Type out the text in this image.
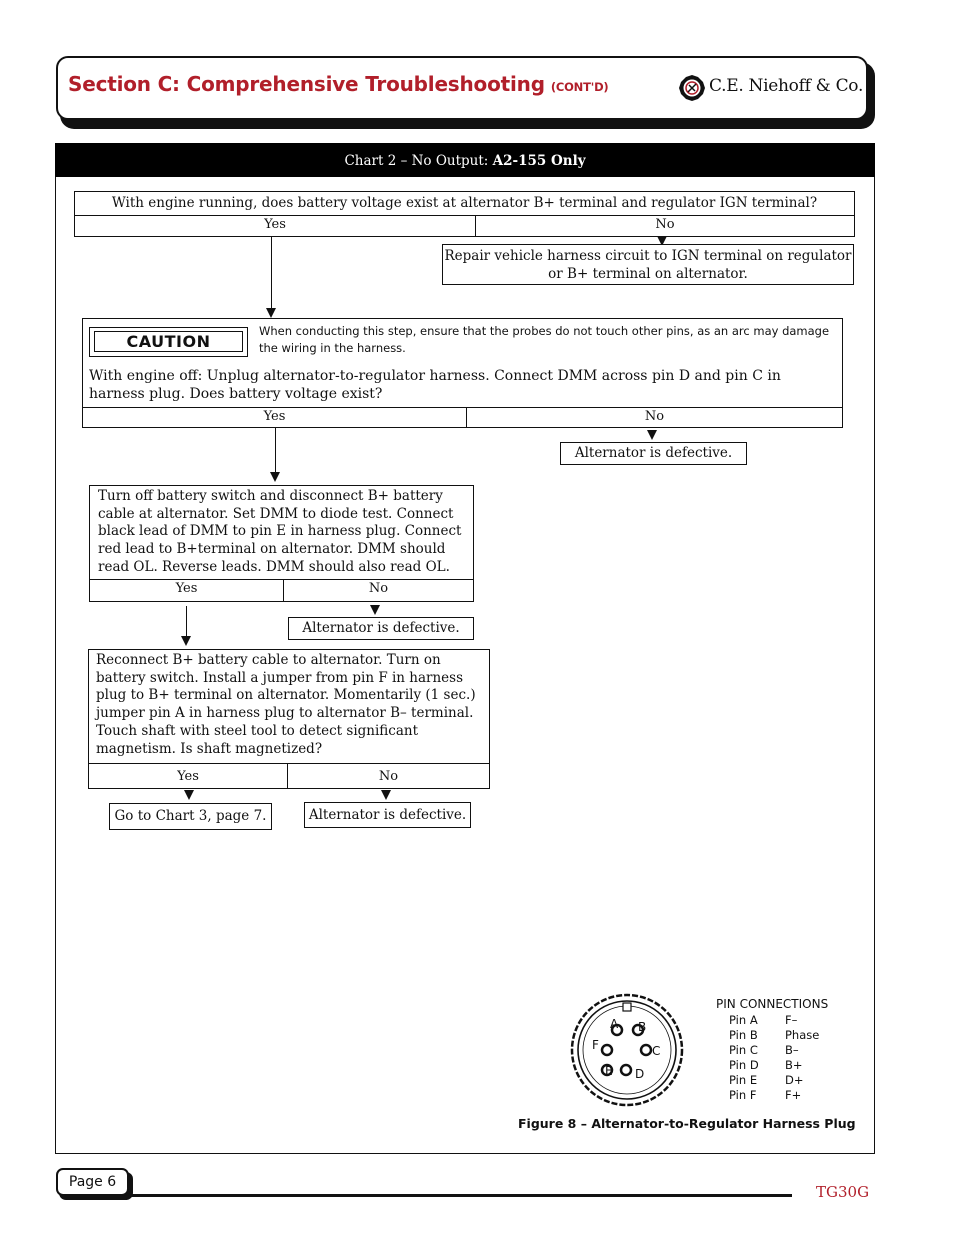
Section C: Comprehensive Troubleshooting (CONT'D)	C.E. Niehoff & Co.
Chart 2 – No Output: A2-155 Only
With engine running, does battery voltage exist at alternator B+ terminal and regulator IGN terminal?
Yes	No
Repair vehicle harness circuit to IGN terminal on regulator or B+ terminal on alternator.
CAUTION
When conducting this step, ensure that the probes do not touch other pins, as an arc may damage the wiring in the harness.
With engine off: Unplug alternator-to-regulator harness. Connect DMM across pin D and pin C in harness plug. Does battery voltage exist?
Yes	No
Alternator is defective.
Turn off battery switch and disconnect B+ battery cable at alternator. Set DMM to diode test. Connect black lead of DMM to pin E in harness plug. Connect red lead to B+terminal on alternator. DMM should read OL. Reverse leads. DMM should also read OL.
Yes	No
Alternator is defective.
Reconnect B+ battery cable to alternator. Turn on battery switch. Install a jumper from pin F in harness plug to B+ terminal on alternator. Momentarily (1 sec.) jumper pin A in harness plug to alternator B– terminal. Touch shaft with steel tool to detect significant magnetism. Is shaft magnetized?
Yes	No
Go to Chart 3, page 7.	Alternator is defective.
A B
C
D
E
F
PIN CONNECTIONS
Pin A F–
Pin B Phase
Pin C B–
Pin D B+
Pin E D+
Pin F F+
Figure 8 – Alternator-to-Regulator Harness Plug
Page 6
TG30G
